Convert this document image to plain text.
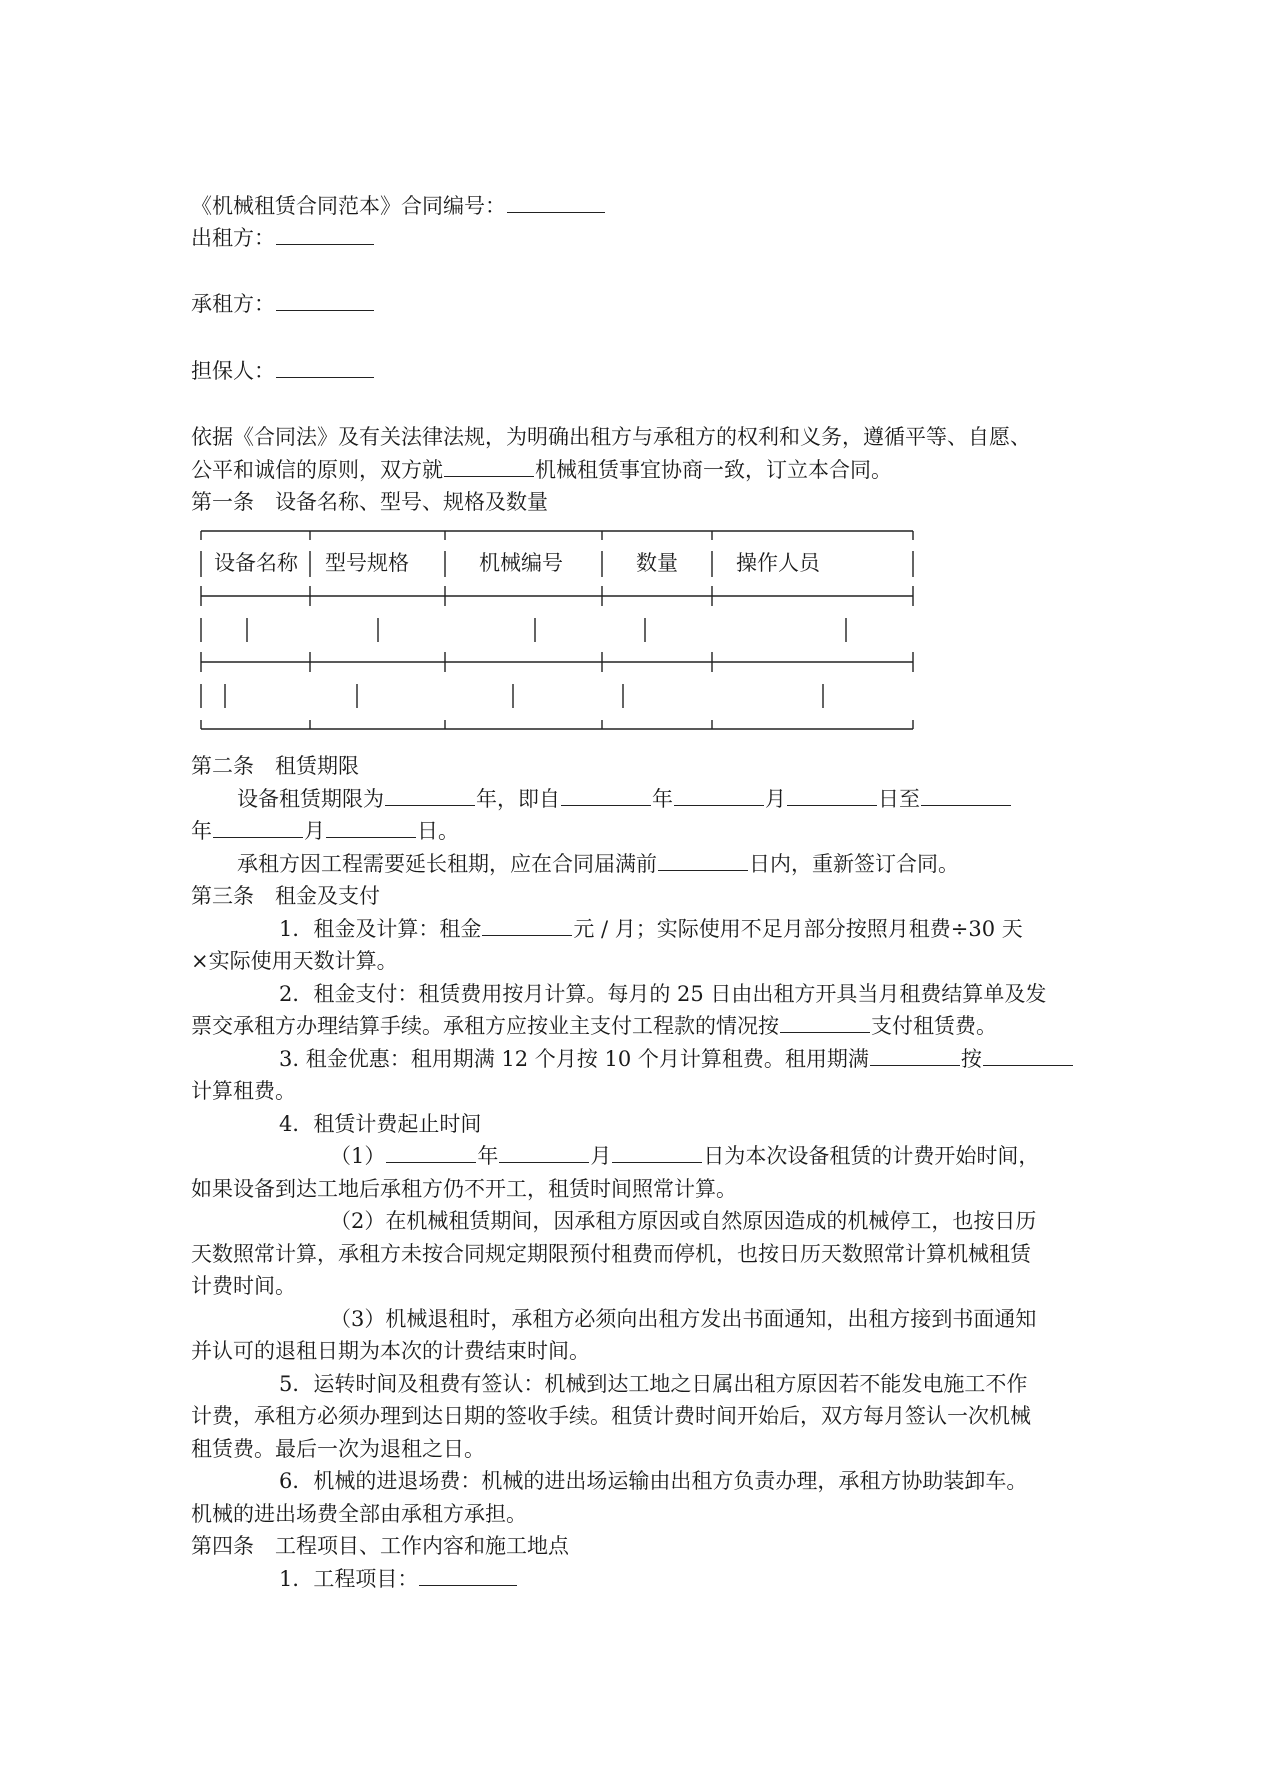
《机械租赁合同范本》合同编号：
出租方：
承租方：
担保人：
依据《合同法》及有关法律法规，为明确出租方与承租方的权利和义务，遵循平等、自愿、
公平和诚信的原则，双方就	机械租赁事宜协商一致，订立本合同。
第一条　设备名称、型号、规格及数量
设备名称 型号规格	机械编号	数量	操作人员
第二条　租赁期限
设备租赁期限为	年，即自	年	月	日至
年	月	日。
承租方因工程需要延长租期，应在合同届满前	日内，重新签订合同。
第三条　租金及支付
1．租金及计算：租金	元 / 月；实际使用不足月部分按照月租费÷30 天
×实际使用天数计算。
2．租金支付：租赁费用按月计算。每月的 25 日由出租方开具当月租费结算单及发
票交承租方办理结算手续。承租方应按业主支付工程款的情况按	支付租赁费。
3. 租金优惠：租用期满 12 个月按 10 个月计算租费。租用期满	按
计算租费。
4．租赁计费起止时间
（1）	年	月	日为本次设备租赁的计费开始时间，
如果设备到达工地后承租方仍不开工，租赁时间照常计算。
（2）在机械租赁期间，因承租方原因或自然原因造成的机械停工，也按日历
天数照常计算，承租方未按合同规定期限预付租费而停机，也按日历天数照常计算机械租赁
计费时间。
（3）机械退租时，承租方必须向出租方发出书面通知，出租方接到书面通知
并认可的退租日期为本次的计费结束时间。
5．运转时间及租费有签认：机械到达工地之日属出租方原因若不能发电施工不作
计费，承租方必须办理到达日期的签收手续。租赁计费时间开始后，双方每月签认一次机械
租赁费。最后一次为退租之日。
6．机械的进退场费：机械的进出场运输由出租方负责办理，承租方协助装卸车。
机械的进出场费全部由承租方承担。
第四条　工程项目、工作内容和施工地点
1．工程项目：
